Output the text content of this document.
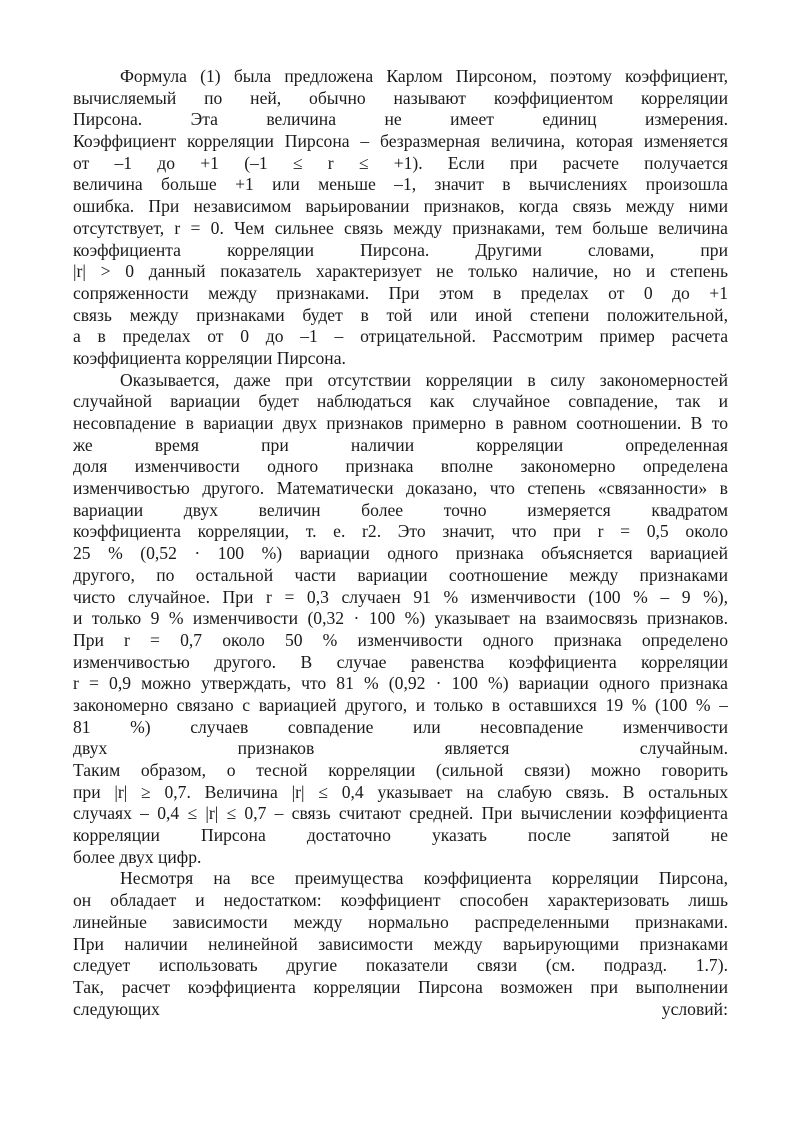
Формула (1) была предложена Карлом Пирсоном, поэтому коэффициент,
вычисляемый по ней, обычно называют коэффициентом корреляции
Пирсона. Эта величина не имеет единиц измерения.
Коэффициент корреляции Пирсона – безразмерная величина, которая изменяется
от –1 до +1 (–1 ≤ r ≤ +1). Если при расчете получается
величина больше +1 или меньше –1, значит в вычислениях произошла
ошибка. При независимом варьировании признаков, когда связь между ними
отсутствует, r = 0. Чем сильнее связь между признаками, тем больше величина
коэффициента корреляции Пирсона. Другими словами, при
|r| > 0 данный показатель характеризует не только наличие, но и степень
сопряженности между признаками. При этом в пределах от 0 до +1
связь между признаками будет в той или иной степени положительной,
а в пределах от 0 до –1 – отрицательной. Рассмотрим пример расчета
коэффициента корреляции Пирсона.
Оказывается, даже при отсутствии корреляции в силу закономерностей
случайной вариации будет наблюдаться как случайное совпадение, так и
несовпадение в вариации двух признаков примерно в равном соотношении. В то
же время при наличии корреляции определенная
доля изменчивости одного признака вполне закономерно определена
изменчивостью другого. Математически доказано, что степень «связанности» в
вариации двух величин более точно измеряется квадратом
коэффициента корреляции, т. е. r2. Это значит, что при r = 0,5 около
25 % (0,52 · 100 %) вариации одного признака объясняется вариацией
другого, по остальной части вариации соотношение между признаками
чисто случайное. При r = 0,3 случаен 91 % изменчивости (100 % – 9 %),
и только 9 % изменчивости (0,32 · 100 %) указывает на взаимосвязь признаков.
При r = 0,7 около 50 % изменчивости одного признака определено
изменчивостью другого. В случае равенства коэффициента корреляции
r = 0,9 можно утверждать, что 81 % (0,92 · 100 %) вариации одного признака
закономерно связано с вариацией другого, и только в оставшихся 19 % (100 % –
81 %) случаев совпадение или несовпадение изменчивости
двух признаков является случайным.
Таким образом, о тесной корреляции (сильной связи) можно говорить
при |r| ≥ 0,7. Величина |r| ≤ 0,4 указывает на слабую связь. В остальных
случаях – 0,4 ≤ |r| ≤ 0,7 – связь считают средней. При вычислении коэффициента
корреляции Пирсона достаточно указать после запятой не
более двух цифр.
Несмотря на все преимущества коэффициента корреляции Пирсона,
он обладает и недостатком: коэффициент способен характеризовать лишь
линейные зависимости между нормально распределенными признаками.
При наличии нелинейной зависимости между варьирующими признаками
следует использовать другие показатели связи (см. подразд. 1.7).
Так, расчет коэффициента корреляции Пирсона возможен при выполнении
следующих условий:
